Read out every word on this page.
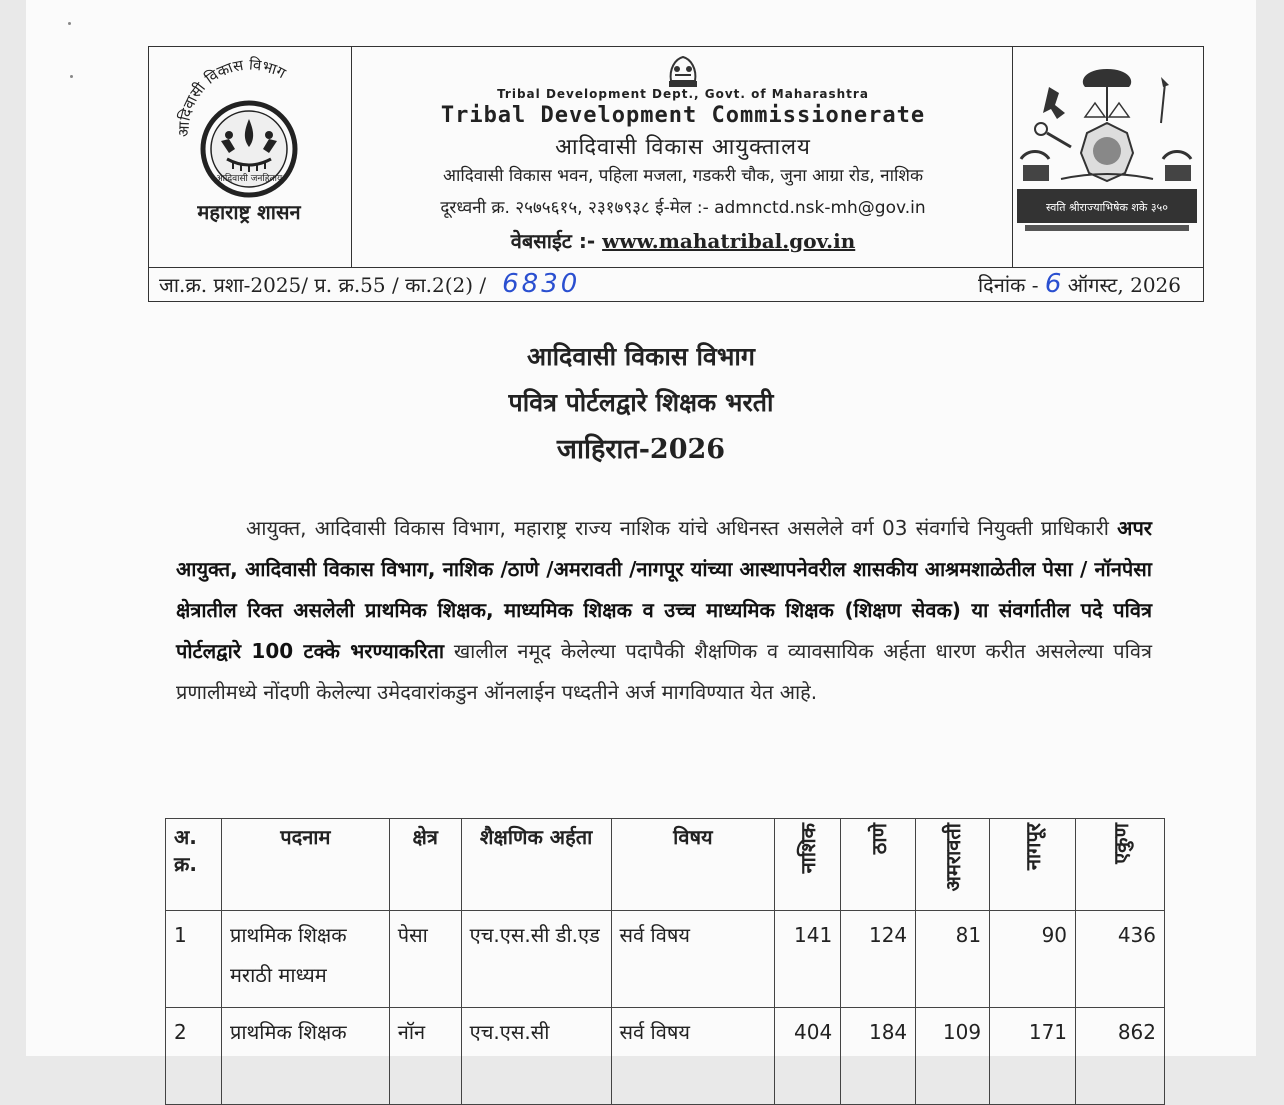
आदिवासी विकास विभाग
आदिवासी जनहिताय
महाराष्ट्र शासन
Tribal Development Dept., Govt. of Maharashtra
Tribal Development Commissionerate
आदिवासी विकास आयुक्तालय
आदिवासी विकास भवन, पहिला मजला, गडकरी चौक, जुना आग्रा रोड, नाशिक
दूरध्वनी क्र. २५७५६१५, २३१७९३८ ई-मेल :- admnctd.nsk-mh@gov.in
वेबसाईट :- www.mahatribal.gov.in
स्वति श्रीराज्याभिषेक शके ३५०
जा.क्र. प्रशा-2025/ प्र. क्र.55 / का.2(2) / 6830	दिनांक - 6 ऑगस्ट, 2026
आदिवासी विकास विभाग
पवित्र पोर्टलद्वारे शिक्षक भरती
जाहिरात-2026
आयुक्त, आदिवासी विकास विभाग, महाराष्ट्र राज्य नाशिक यांचे अधिनस्त असलेले वर्ग 03 संवर्गाचे नियुक्ती प्राधिकारी अपर आयुक्त, आदिवासी विकास विभाग, नाशिक /ठाणे /अमरावती /नागपूर यांच्या आस्थापनेवरील शासकीय आश्रमशाळेतील पेसा / नॉनपेसा क्षेत्रातील रिक्त असलेली प्राथमिक शिक्षक, माध्यमिक शिक्षक व उच्च माध्यमिक शिक्षक (शिक्षण सेवक) या संवर्गातील पदे पवित्र पोर्टलद्वारे 100 टक्के भरण्याकरिता खालील नमूद केलेल्या पदापैकी शैक्षणिक व व्यावसायिक अर्हता धारण करीत असलेल्या पवित्र प्रणालीमध्ये नोंदणी केलेल्या उमेदवारांकडुन ऑनलाईन पध्दतीने अर्ज मागविण्यात येत आहे.
अ. क्र.	पदनाम	क्षेत्र	शैक्षणिक अर्हता	विषय	नाशिक	ठाणे	अमरावती	नागपूर	एकुण
1	प्राथमिक शिक्षक मराठी माध्यम	पेसा	एच.एस.सी डी.एड	सर्व विषय	141	124	81	90	436
2	प्राथमिक शिक्षक	नॉन	एच.एस.सी	सर्व विषय	404	184	109	171	862
